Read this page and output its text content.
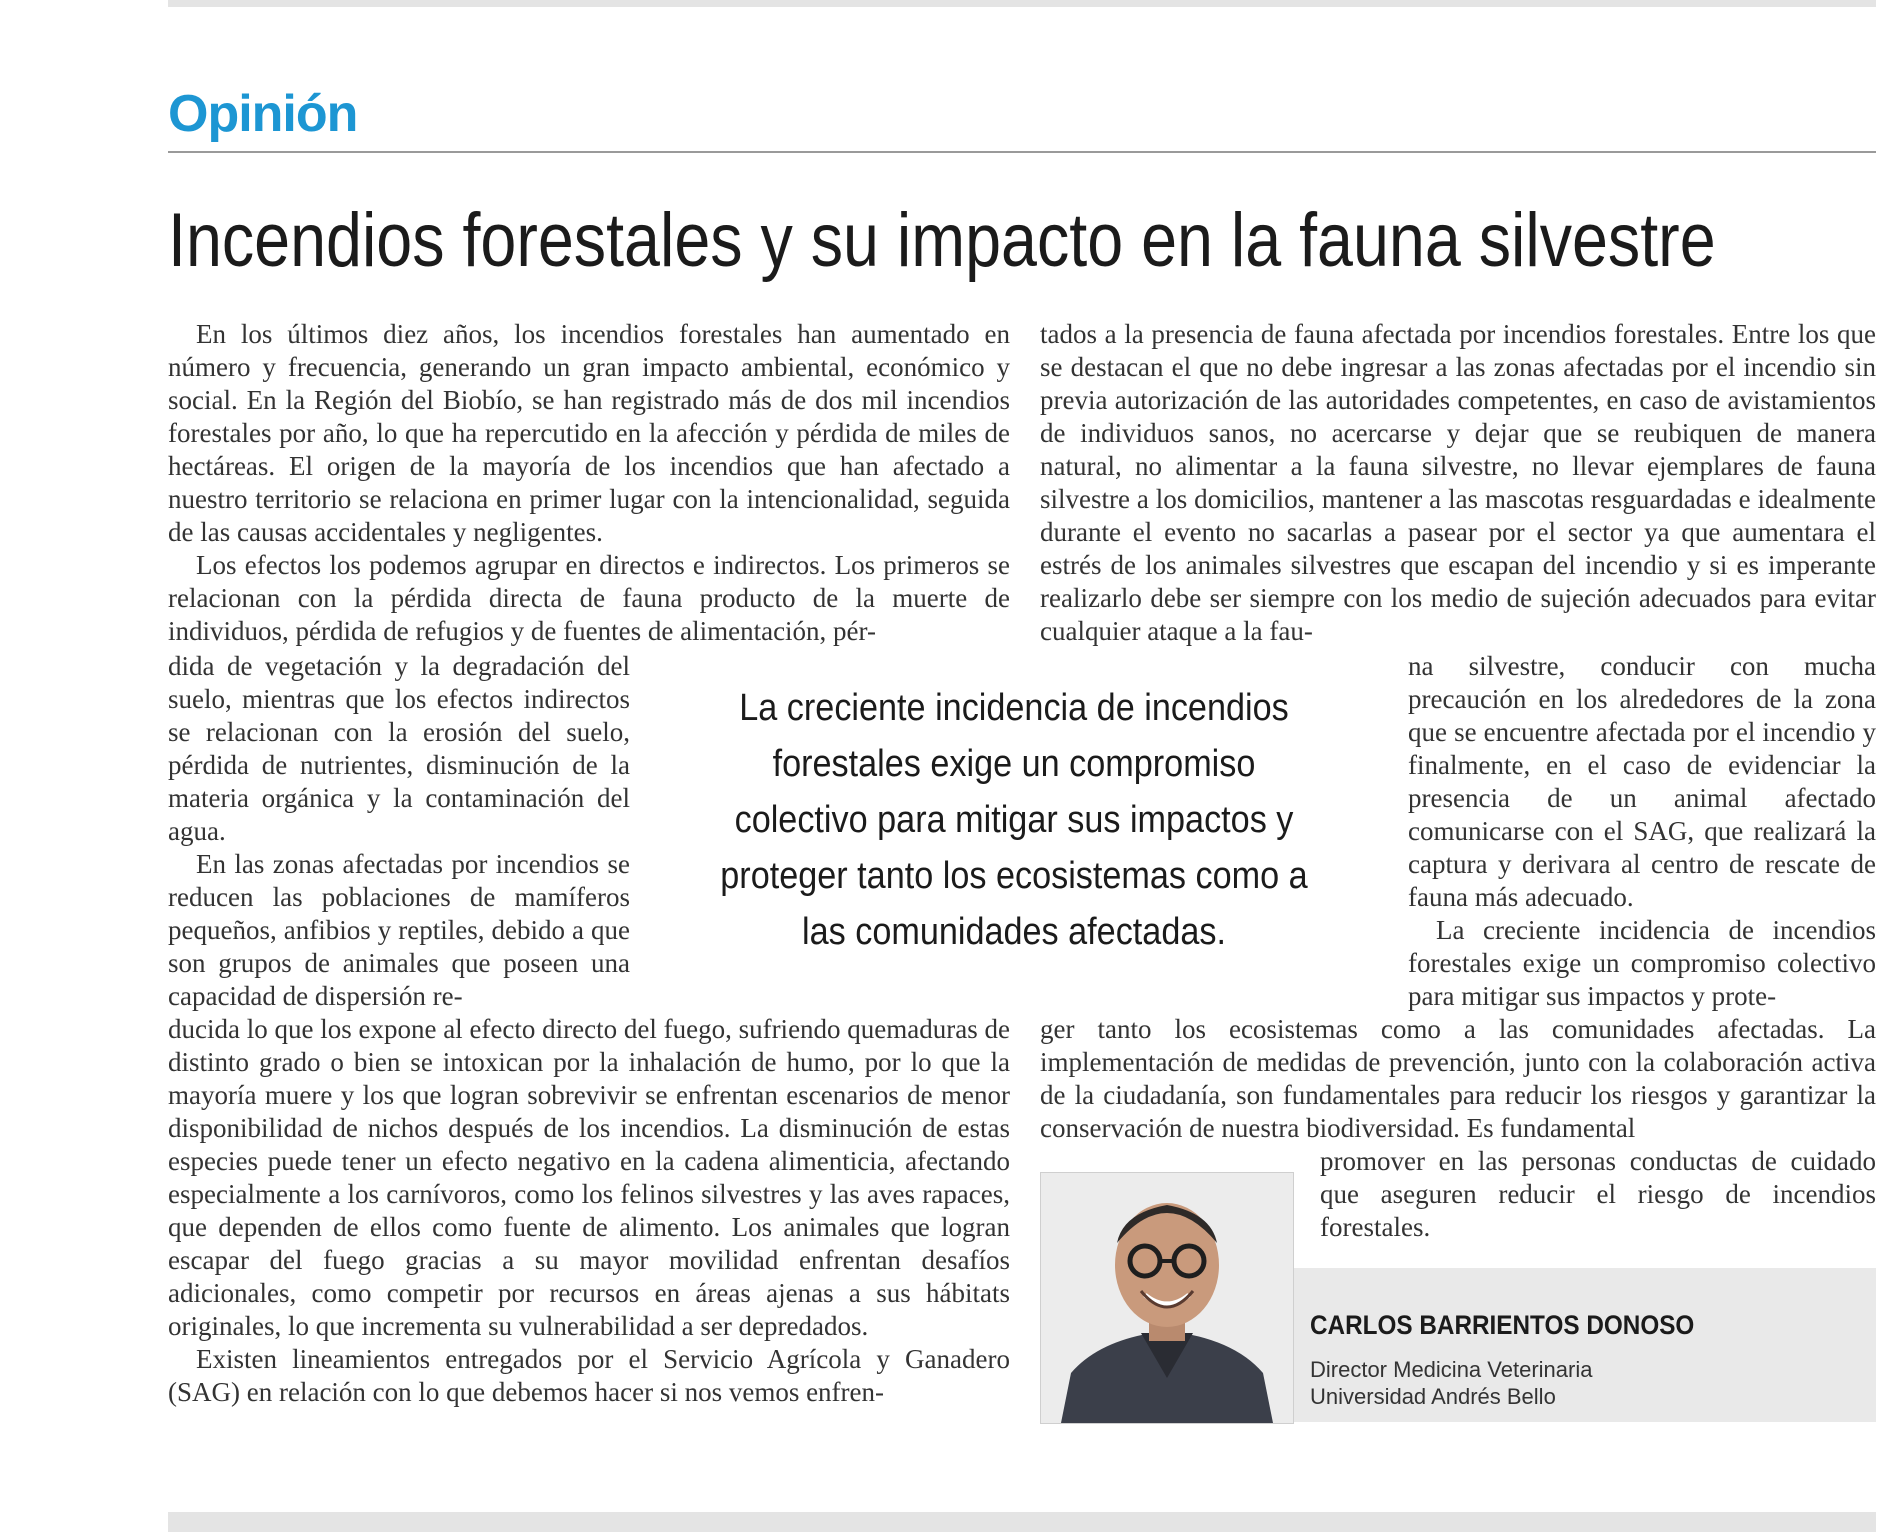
Opinión
Incendios forestales y su impacto en la fauna silvestre

En los últimos diez años, los incendios forestales han aumentado en número y frecuencia, generando un gran impacto ambiental, económico y social. En la Región del Biobío, se han registrado más de dos mil incendios forestales por año, lo que ha repercutido en la afección y pérdida de miles de hectáreas. El origen de la mayoría de los incendios que han afectado a nuestro territorio se relaciona en primer lugar con la intencionalidad, seguida de las causas accidentales y negligentes.

Los efectos los podemos agrupar en directos e indirectos. Los primeros se relacionan con la pérdida directa de fauna producto de la muerte de individuos, pérdida de refugios y de fuentes de alimentación, pér-

dida de vegetación y la degradación del suelo, mientras que los efectos indirectos se relacionan con la erosión del suelo, pérdida de nutrientes, disminución de la materia orgánica y la contaminación del agua.

En las zonas afectadas por incendios se reducen las poblaciones de mamíferos pequeños, anfibios y reptiles, debido a que son grupos de animales que poseen una capacidad de dispersión re-

ducida lo que los expone al efecto directo del fuego, sufriendo quemaduras de distinto grado o bien se intoxican por la inhalación de humo, por lo que la mayoría muere y los que logran sobrevivir se enfrentan escenarios de menor disponibilidad de nichos después de los incendios. La disminución de estas especies puede tener un efecto negativo en la cadena alimenticia, afectando especialmente a los carnívoros, como los felinos silvestres y las aves rapaces, que dependen de ellos como fuente de alimento. Los animales que logran escapar del fuego gracias a su mayor movilidad enfrentan desafíos adicionales, como competir por recursos en áreas ajenas a sus hábitats originales, lo que incrementa su vulnerabilidad a ser depredados.

Existen lineamientos entregados por el Servicio Agrícola y Ganadero (SAG) en relación con lo que debemos hacer si nos vemos enfren-

tados a la presencia de fauna afectada por incendios forestales. Entre los que se destacan el que no debe ingresar a las zonas afectadas por el incendio sin previa autorización de las autoridades competentes, en caso de avistamientos de individuos sanos, no acercarse y dejar que se reubiquen de manera natural, no alimentar a la fauna silvestre, no llevar ejemplares de fauna silvestre a los domicilios, mantener a las mascotas resguardadas e idealmente durante el evento no sacarlas a pasear por el sector ya que aumentara el estrés de los animales silvestres que escapan del incendio y si es imperante realizarlo debe ser siempre con los medio de sujeción adecuados para evitar cualquier ataque a la fau-

na silvestre, conducir con mucha precaución en los alrededores de la zona que se encuentre afectada por el incendio y finalmente, en el caso de evidenciar la presencia de un animal afectado comunicarse con el SAG, que realizará la captura y derivara al centro de rescate de fauna más adecuado.

La creciente incidencia de incendios forestales exige un compromiso colectivo para mitigar sus impactos y prote-

ger tanto los ecosistemas como a las comunidades afectadas. La implementación de medidas de prevención, junto con la colaboración activa de la ciudadanía, son fundamentales para reducir los riesgos y garantizar la conservación de nuestra biodiversidad. Es fundamental

promover en las personas conductas de cuidado que aseguren reducir el riesgo de incendios forestales.

La creciente incidencia de incendios forestales exige un compromiso colectivo para mitigar sus impactos y proteger tanto los ecosistemas como a las comunidades afectadas.

CARLOS BARRIENTOS DONOSO
Director Medicina Veterinaria
Universidad Andrés Bello
